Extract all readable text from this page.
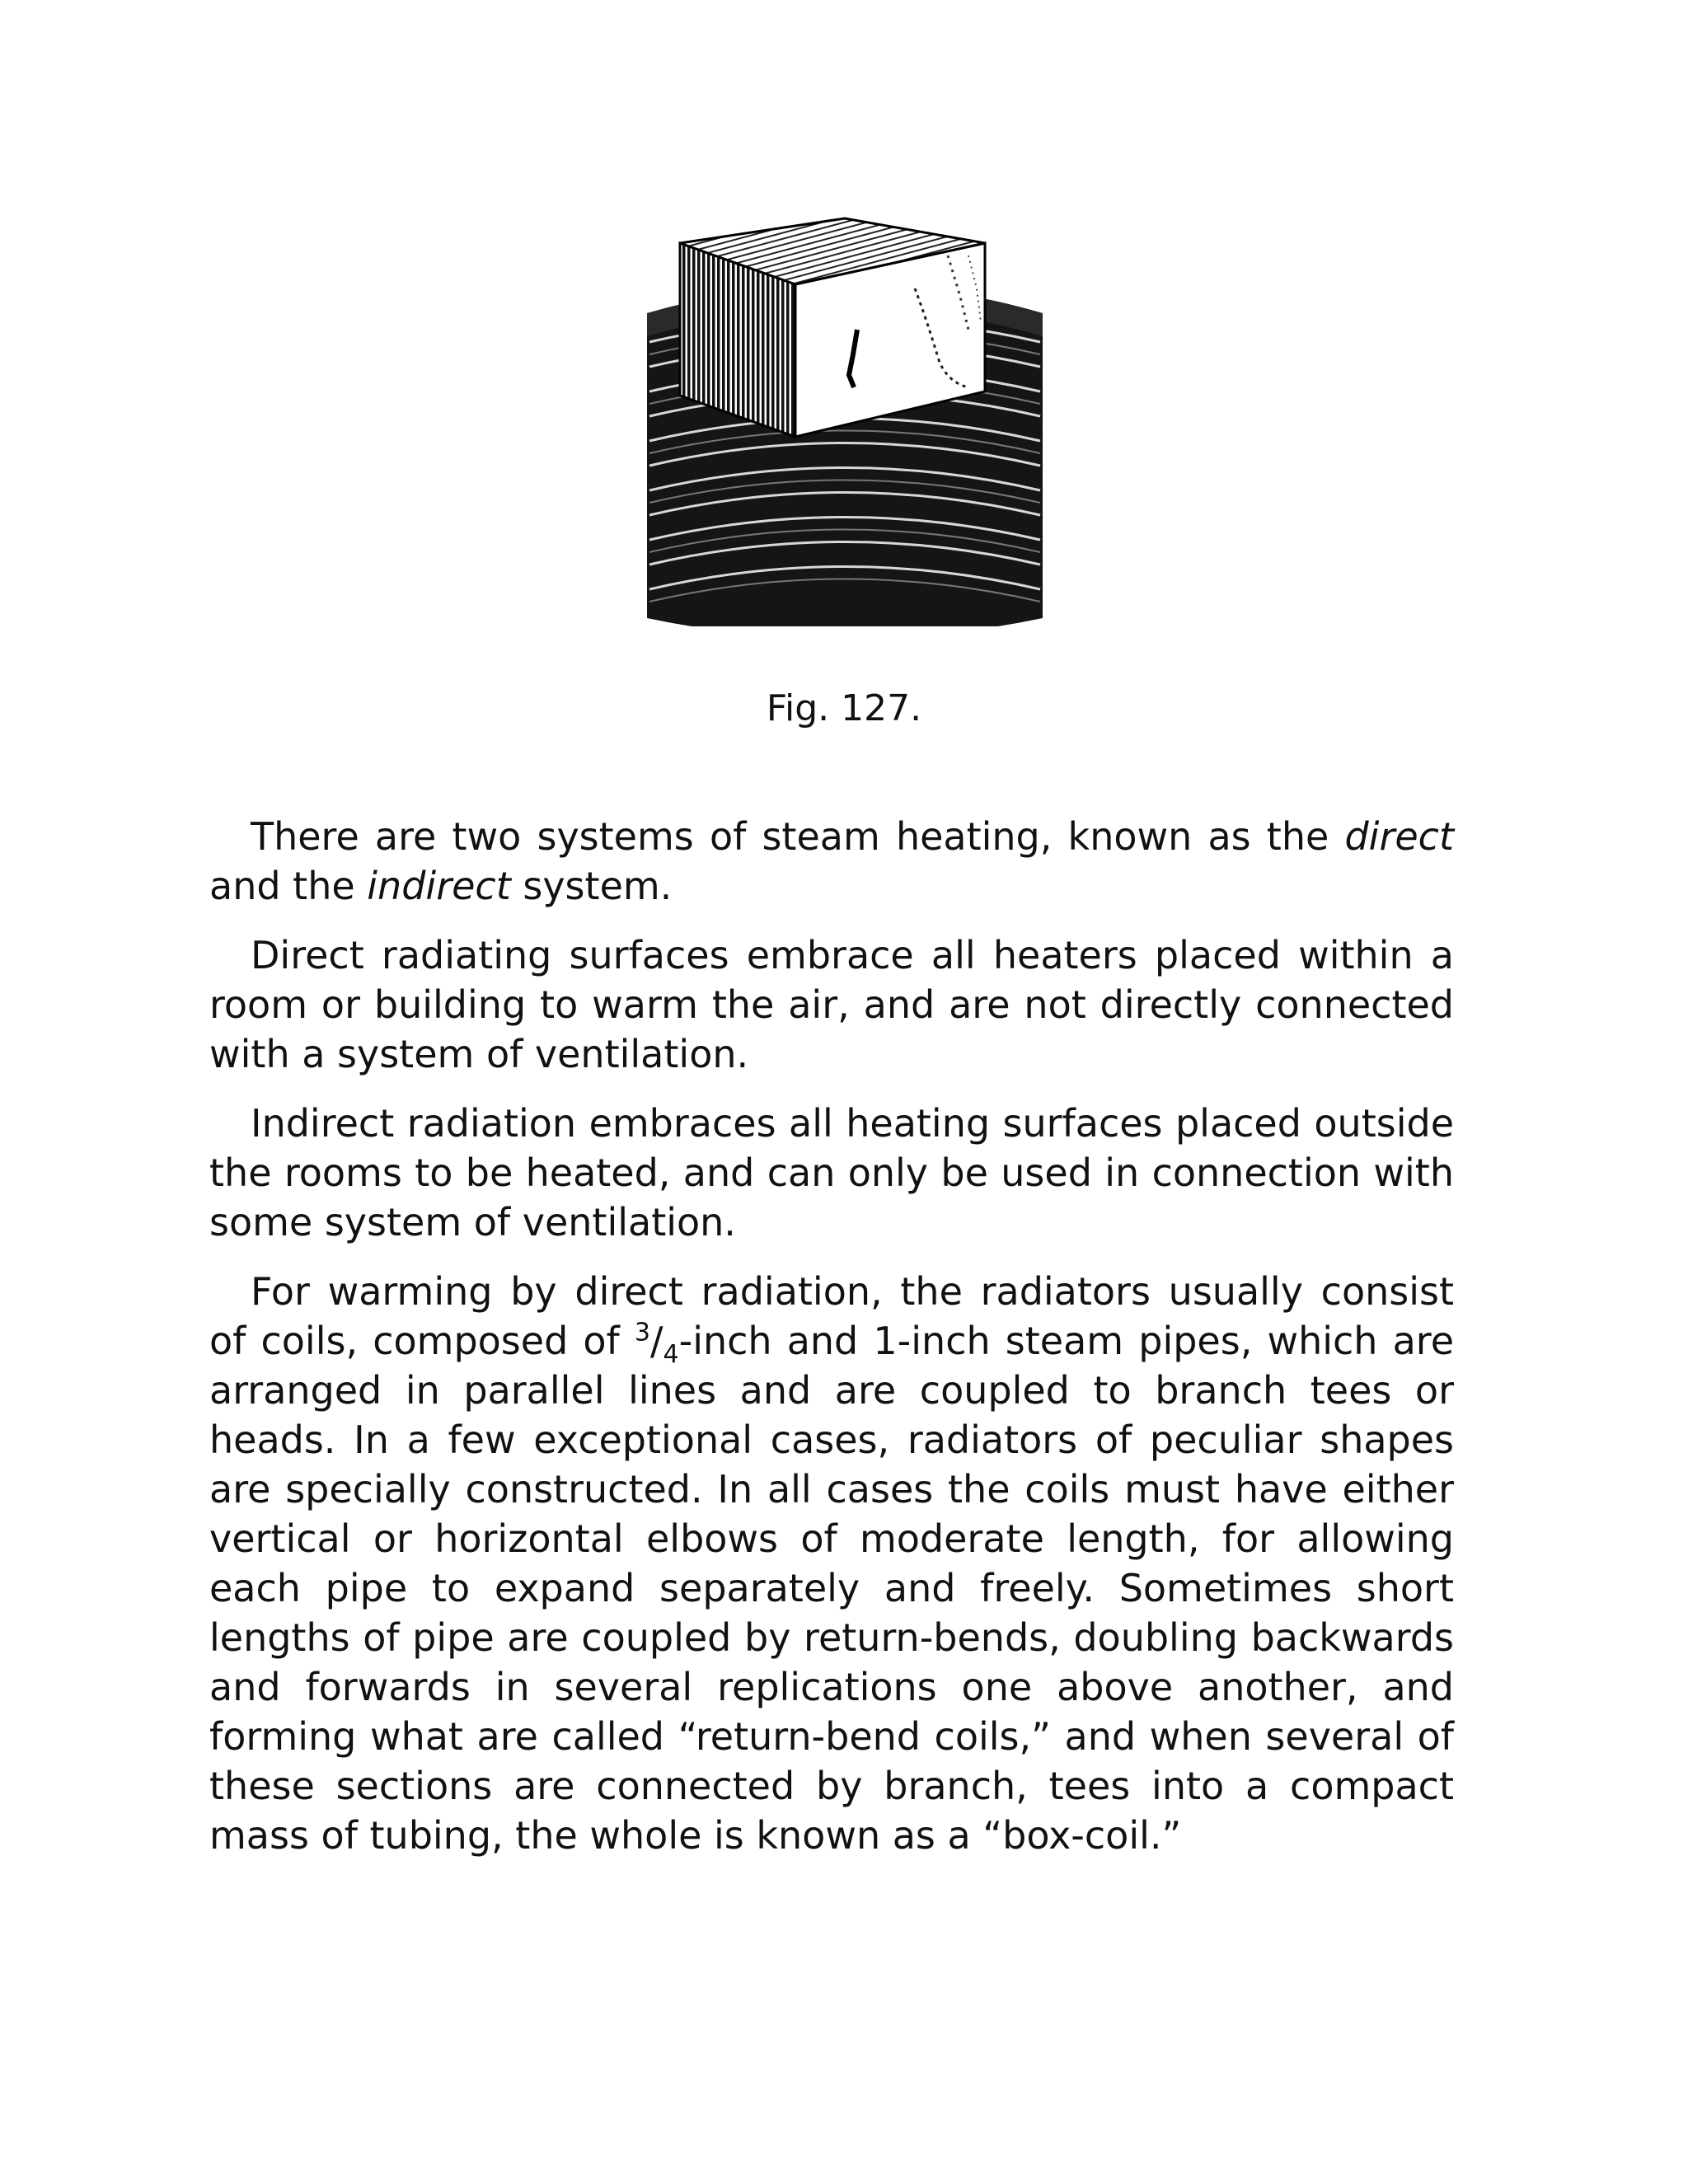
Fig. 127.

There are two systems of steam heating, known as the direct and the indirect system.

Direct radiating surfaces embrace all heaters placed within a room or building to warm the air, and are not directly connected with a system of ventilation.

Indirect radiation embraces all heating surfaces placed outside the rooms to be heated, and can only be used in connection with some system of ventilation.

For warming by direct radiation, the radiators usually consist of coils, composed of $^3/_4$-inch and 1-inch steam pipes, which are arranged in parallel lines and are coupled to branch tees or heads. In a few exceptional cases, radiators of peculiar shapes are specially constructed. In all cases the coils must have either vertical or horizontal elbows of moderate length, for allowing each pipe to expand separately and freely. Sometimes short lengths of pipe are coupled by return-bends, doubling backwards and forwards in several replications one above another, and forming what are called “return-bend coils,” and when several of these sections are connected by branch, tees into a compact mass of tubing, the whole is known as a “box-coil.”
